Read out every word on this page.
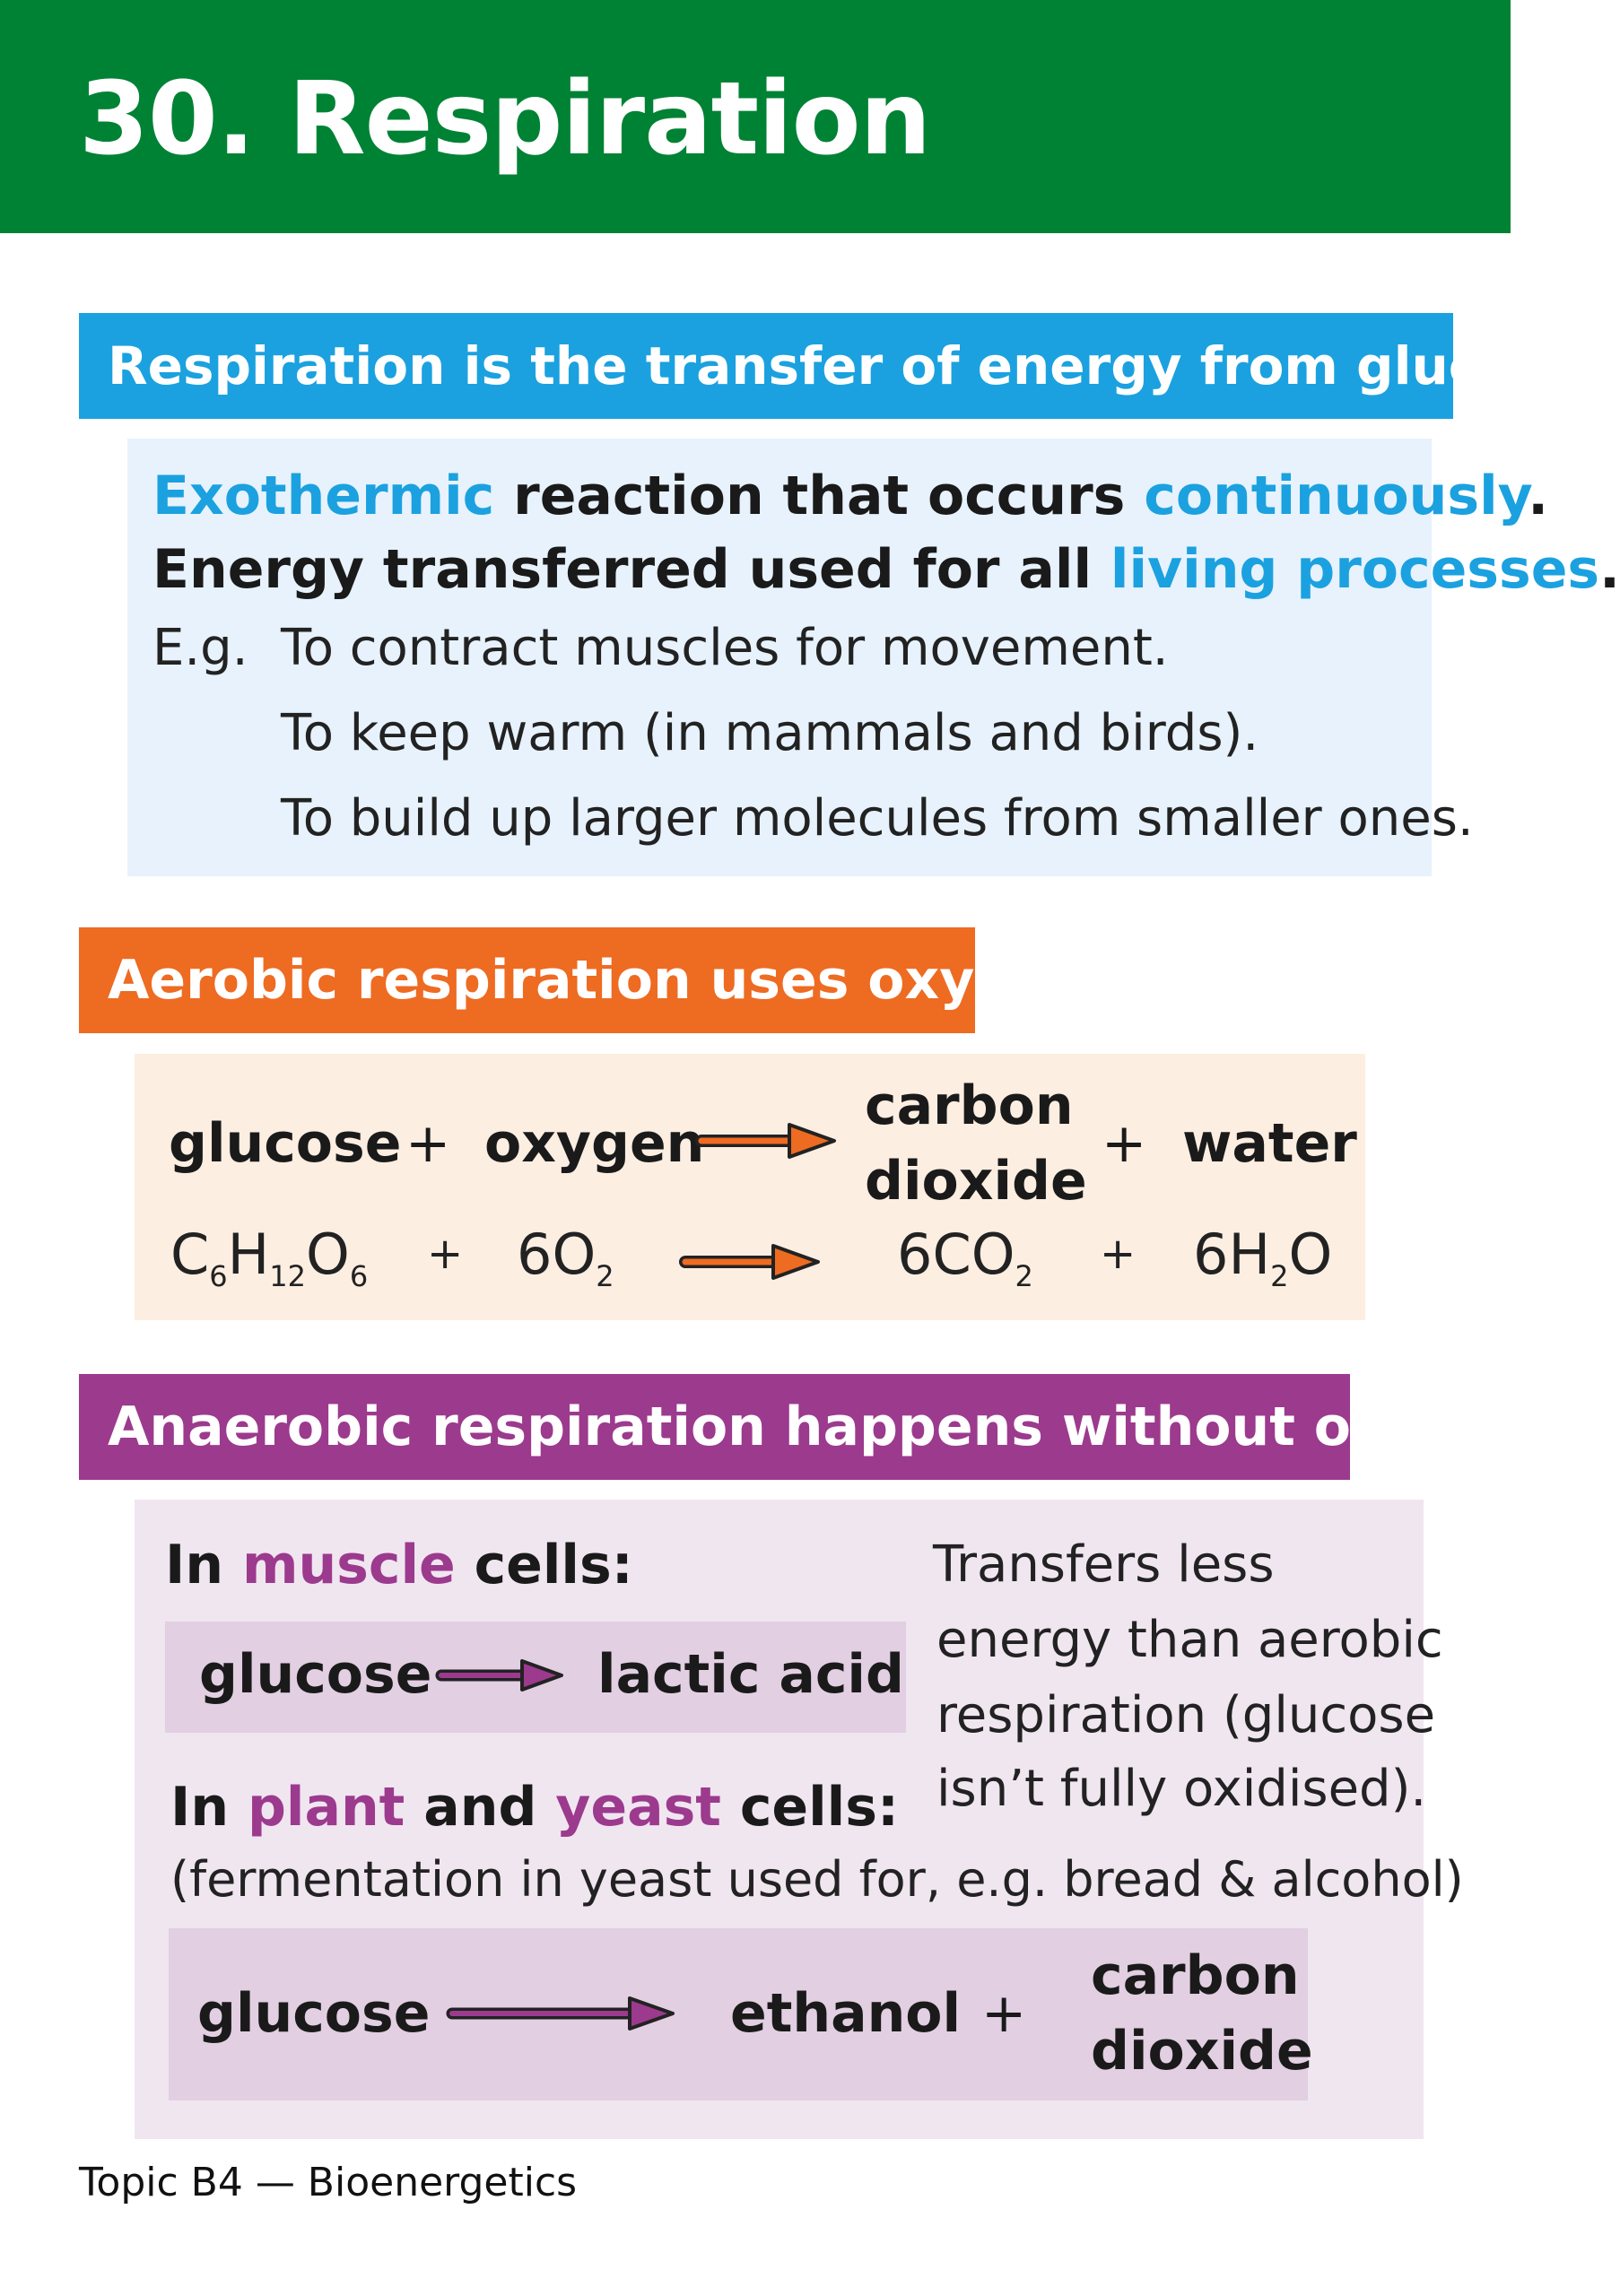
30. Respiration
Respiration is the transfer of energy from glucose
Exothermic reaction that occurs continuously.
Energy transferred used for all living processes.
E.g. To contract muscles for movement.
To keep warm (in mammals and birds).
To build up larger molecules from smaller ones.
Aerobic respiration uses oxygen
glucose + oxygen
carbon
dioxide
+ water
$C_6H_{12}O_6 + 6O_2$	$6CO_2 + 6H_2O$
Anaerobic respiration happens without oxygen
In muscle cells:
glucose	lactic acid
Transfers less
energy than aerobic
respiration (glucose
isn’t fully oxidised).
In plant and yeast cells:
(fermentation in yeast used for, e.g. bread & alcohol)
glucose	ethanol +
carbon
dioxide
Topic B4 — Bioenergetics
